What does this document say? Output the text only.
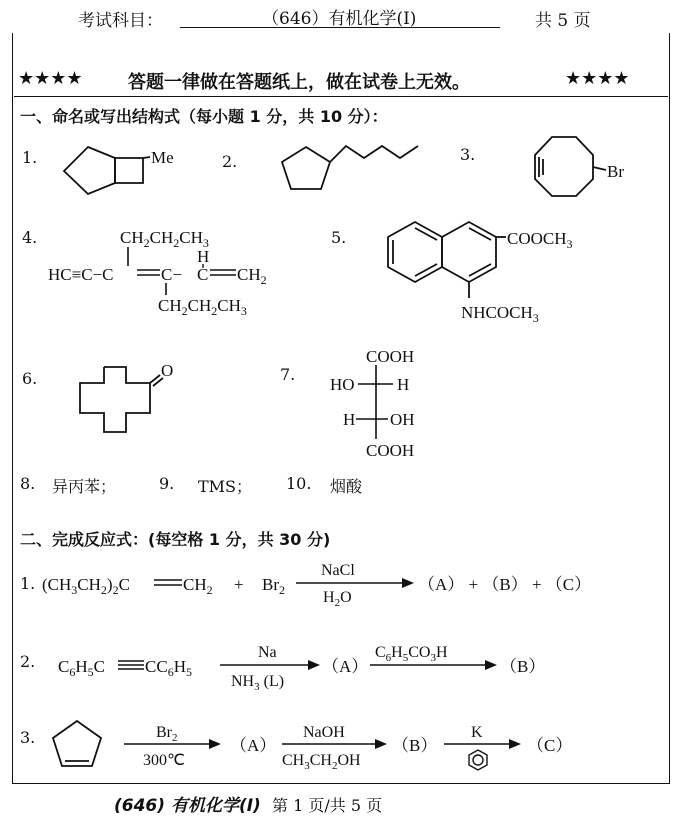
考试科目：	（646）有机化学(Ⅰ)	共 5 页
★★★★	答题一律做在答题纸上，做在试卷上无效。	★★★★
一、命名或写出结构式（每小题 1 分，共 10 分）：
1.	Me	2.	3.
Br
4.	$CH_2CH_2CH_3$
HC≡C−C	C−
H
C $CH_2$
$CH_2CH_2CH_3$
5.	$COOCH_3$
$NHCOCH_3$
6.	O	7.
COOH
HO H
H OH
COOH
8. 异丙苯；	9. TMS； 10. 烟酸
二、完成反应式：(每空格 1 分，共 30 分)
1. $(CH_3CH_2)_2C$	$CH_2 + Br_2$
NaCl
$H_2O$
（A） + （B） + （C）
2. $C_6H_5C$ $CC_6H_5$
Na
$NH_3$ (L)
（A）
$C_6H_5CO_3H$
（B）
3.	$Br_2$
300℃
（A）
NaOH
$CH_3CH_2OH$
（B）
K
（C）
(646) 有机化学(Ⅰ) 第 1 页/共 5 页
